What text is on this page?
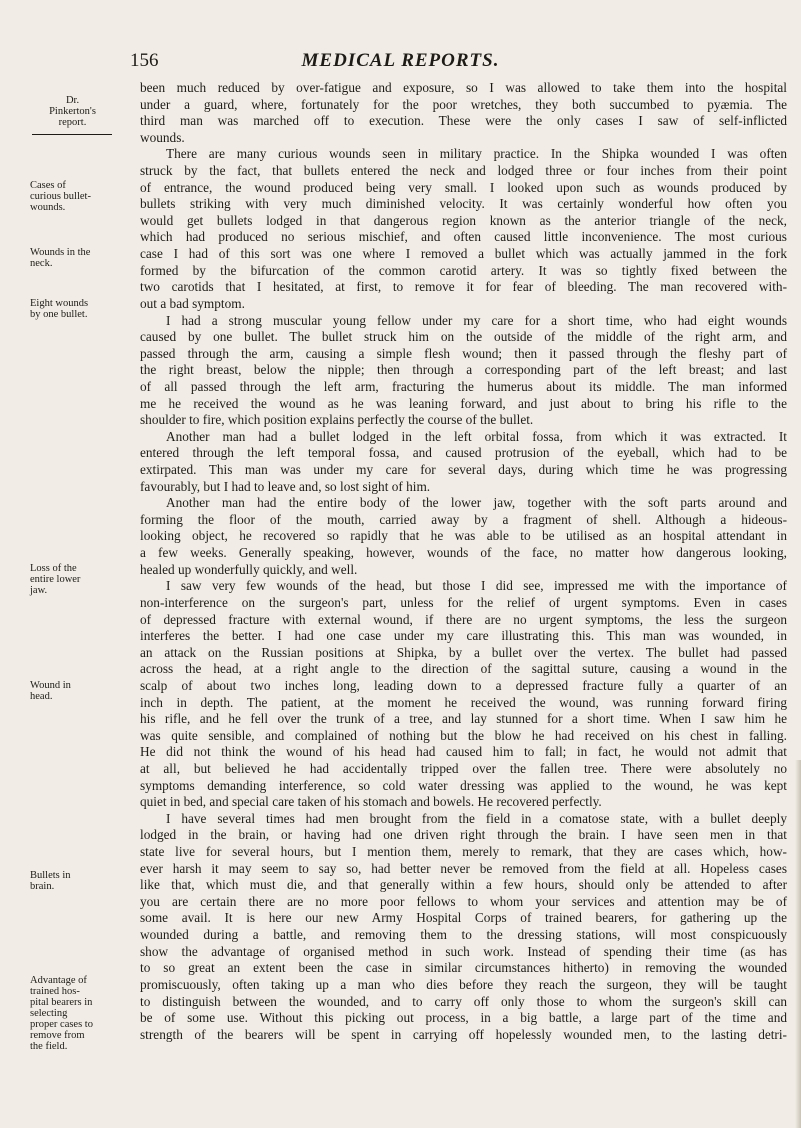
156	MEDICAL REPORTS.
Dr.
Pinkerton's
report.
Cases of
curious bullet-
wounds.
Wounds in the
neck.
Eight wounds
by one bullet.
Loss of the
entire lower
jaw.
Wound in
head.
Bullets in
brain.
Advantage of
trained hos-
pital bearers in
selecting
proper cases to
remove from
the field.
been much reduced by over-fatigue and exposure, so I was allowed to take them into the hospital
under a guard, where, fortunately for the poor wretches, they both succumbed to pyæmia. The
third man was marched off to execution. These were the only cases I saw of self-inflicted
wounds.
There are many curious wounds seen in military practice. In the Shipka wounded I was often
struck by the fact, that bullets entered the neck and lodged three or four inches from their point
of entrance, the wound produced being very small. I looked upon such as wounds produced by
bullets striking with very much diminished velocity. It was certainly wonderful how often you
would get bullets lodged in that dangerous region known as the anterior triangle of the neck,
which had produced no serious mischief, and often caused little inconvenience. The most curious
case I had of this sort was one where I removed a bullet which was actually jammed in the fork
formed by the bifurcation of the common carotid artery. It was so tightly fixed between the
two carotids that I hesitated, at first, to remove it for fear of bleeding. The man recovered with-
out a bad symptom.
I had a strong muscular young fellow under my care for a short time, who had eight wounds
caused by one bullet. The bullet struck him on the outside of the middle of the right arm, and
passed through the arm, causing a simple flesh wound; then it passed through the fleshy part of
the right breast, below the nipple; then through a corresponding part of the left breast; and last
of all passed through the left arm, fracturing the humerus about its middle. The man informed
me he received the wound as he was leaning forward, and just about to bring his rifle to the
shoulder to fire, which position explains perfectly the course of the bullet.
Another man had a bullet lodged in the left orbital fossa, from which it was extracted. It
entered through the left temporal fossa, and caused protrusion of the eyeball, which had to be
extirpated. This man was under my care for several days, during which time he was progressing
favourably, but I had to leave and, so lost sight of him.
Another man had the entire body of the lower jaw, together with the soft parts around and
forming the floor of the mouth, carried away by a fragment of shell. Although a hideous-
looking object, he recovered so rapidly that he was able to be utilised as an hospital attendant in
a few weeks. Generally speaking, however, wounds of the face, no matter how dangerous looking,
healed up wonderfully quickly, and well.
I saw very few wounds of the head, but those I did see, impressed me with the importance of
non-interference on the surgeon's part, unless for the relief of urgent symptoms. Even in cases
of depressed fracture with external wound, if there are no urgent symptoms, the less the surgeon
interferes the better. I had one case under my care illustrating this. This man was wounded, in
an attack on the Russian positions at Shipka, by a bullet over the vertex. The bullet had passed
across the head, at a right angle to the direction of the sagittal suture, causing a wound in the
scalp of about two inches long, leading down to a depressed fracture fully a quarter of an
inch in depth. The patient, at the moment he received the wound, was running forward firing
his rifle, and he fell over the trunk of a tree, and lay stunned for a short time. When I saw him he
was quite sensible, and complained of nothing but the blow he had received on his chest in falling.
He did not think the wound of his head had caused him to fall; in fact, he would not admit that
at all, but believed he had accidentally tripped over the fallen tree. There were absolutely no
symptoms demanding interference, so cold water dressing was applied to the wound, he was kept
quiet in bed, and special care taken of his stomach and bowels. He recovered perfectly.
I have several times had men brought from the field in a comatose state, with a bullet deeply
lodged in the brain, or having had one driven right through the brain. I have seen men in that
state live for several hours, but I mention them, merely to remark, that they are cases which, how-
ever harsh it may seem to say so, had better never be removed from the field at all. Hopeless cases
like that, which must die, and that generally within a few hours, should only be attended to after
you are certain there are no more poor fellows to whom your services and attention may be of
some avail. It is here our new Army Hospital Corps of trained bearers, for gathering up the
wounded during a battle, and removing them to the dressing stations, will most conspicuously
show the advantage of organised method in such work. Instead of spending their time (as has
to so great an extent been the case in similar circumstances hitherto) in removing the wounded
promiscuously, often taking up a man who dies before they reach the surgeon, they will be taught
to distinguish between the wounded, and to carry off only those to whom the surgeon's skill can
be of some use. Without this picking out process, in a big battle, a large part of the time and
strength of the bearers will be spent in carrying off hopelessly wounded men, to the lasting detri-
